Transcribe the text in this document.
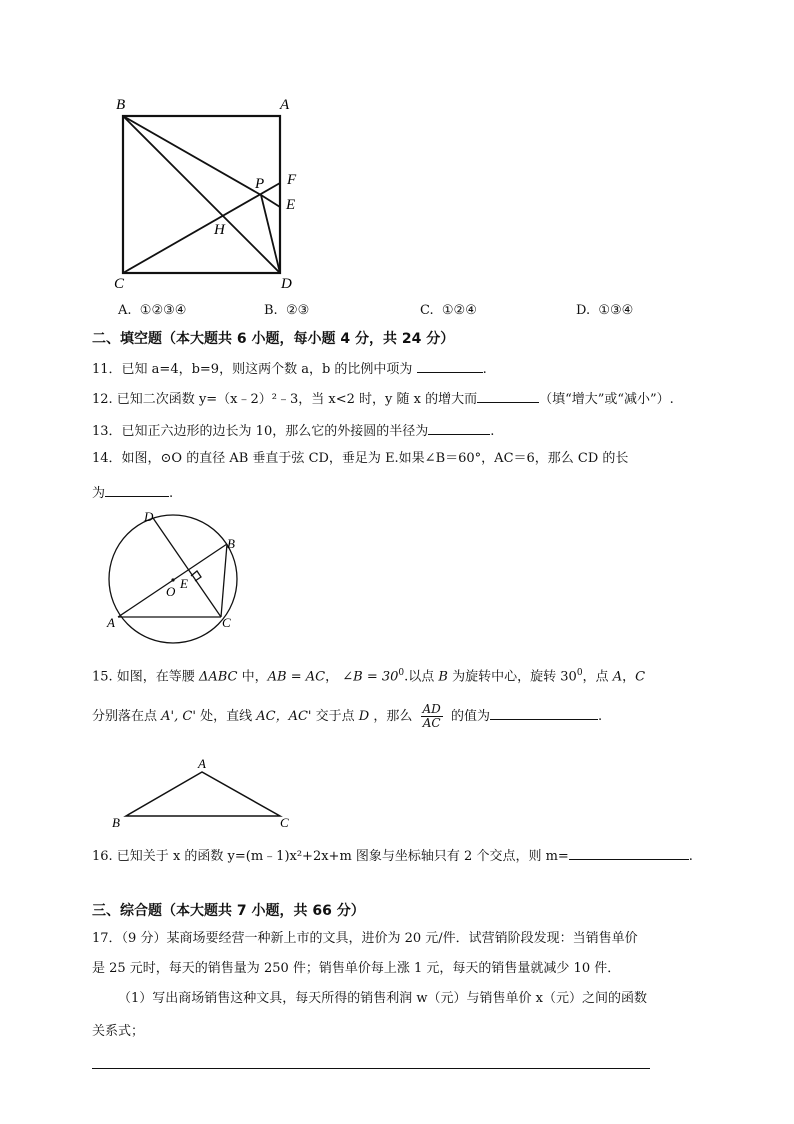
B	A
P F
E
H
C	D
A. ①②③④	B. ②③	C. ①②④	D. ①③④
二、填空题（本大题共 6 小题，每小题 4 分，共 24 分）
11．已知 a=4，b=9，则这两个数 a，b 的比例中项为	.
12. 已知二次函数 y=（x﹣2）²﹣3，当 x<2 时，y 随 x 的增大而	（填“增大”或“减小”）.
13．已知正六边形的边长为 10，那么它的外接圆的半径为	.
14．如图，⊙O 的直径 AB 垂直于弦 CD，垂足为 E.如果∠B＝60°，AC＝6，那么 CD 的长
为	.
D
B
E
O
A	C
15. 如图，在等腰 ΔABC 中，AB = AC， ∠B = $30^0$.以点 B 为旋转中心，旋转 $30^0$，点 A，C
分别落在点 A', C' 处，直线 AC，AC' 交于点 D ，那么 $\frac{AD}{AC}$ 的值为	.
A
B	C
16. 已知关于 x 的函数 y=(m﹣1)x²+2x+m 图象与坐标轴只有 2 个交点，则 m=	.
三、综合题（本大题共 7 小题，共 66 分）
17．（9 分）某商场要经营一种新上市的文具，进价为 20 元/件．试营销阶段发现：当销售单价
是 25 元时，每天的销售量为 250 件；销售单价每上涨 1 元，每天的销售量就减少 10 件．
（1）写出商场销售这种文具，每天所得的销售利润 w（元）与销售单价 x（元）之间的函数
关系式；
